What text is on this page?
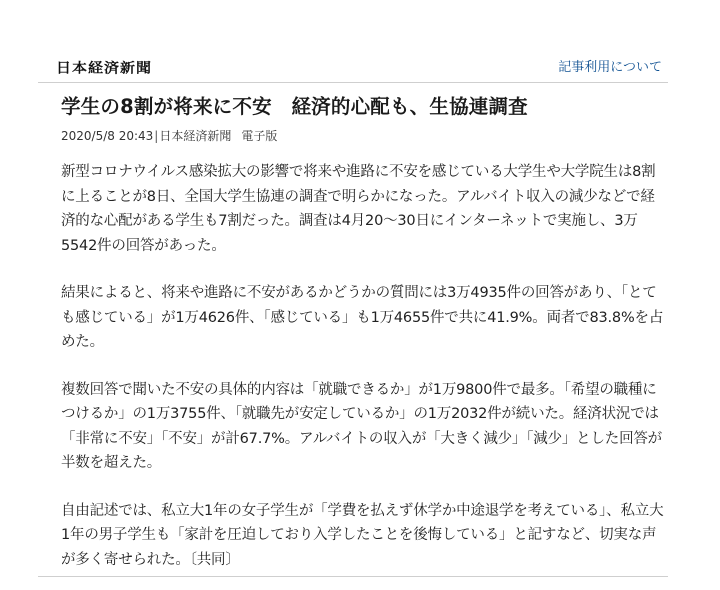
日本経済新聞	記事利用について
学生の8割が将来に不安　経済的心配も、生協連調査
2020/5/8 20:43|日本経済新聞 電子版

新型コロナウイルス感染拡大の影響で将来や進路に不安を感じている大学生や大学院生は8割に上ることが8日、全国大学生協連の調査で明らかになった。アルバイト収入の減少などで経済的な心配がある学生も7割だった。調査は4月20～30日にインターネットで実施し、3万5542件の回答があった。

結果によると、将来や進路に不安があるかどうかの質問には3万4935件の回答があり、「とても感じている」が1万4626件、「感じている」も1万4655件で共に41.9%。両者で83.8%を占めた。

複数回答で聞いた不安の具体的内容は「就職できるか」が1万9800件で最多。「希望の職種につけるか」の1万3755件、「就職先が安定しているか」の1万2032件が続いた。経済状況では「非常に不安」「不安」が計67.7%。アルバイトの収入が「大きく減少」「減少」とした回答が半数を超えた。

自由記述では、私立大1年の女子学生が「学費を払えず休学か中途退学を考えている」、私立大1年の男子学生も「家計を圧迫しており入学したことを後悔している」と記すなど、切実な声が多く寄せられた。〔共同〕
